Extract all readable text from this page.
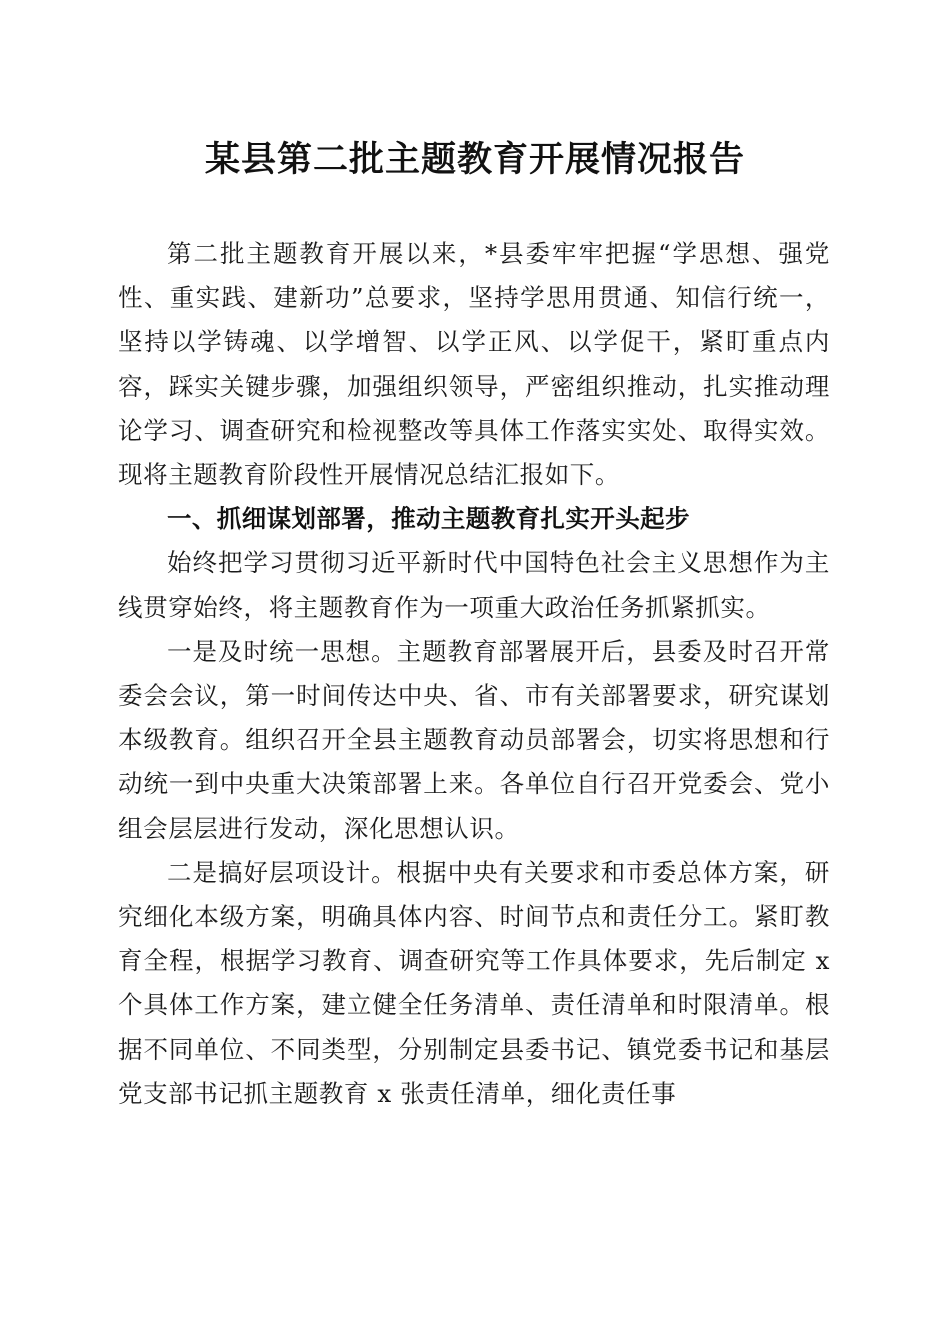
某县第二批主题教育开展情况报告

第二批主题教育开展以来，*县委牢牢把握“学思想、强党性、重实践、建新功”总要求，坚持学思用贯通、知信行统一，坚持以学铸魂、以学增智、以学正风、以学促干，紧盯重点内容，踩实关键步骤，加强组织领导，严密组织推动，扎实推动理论学习、调查研究和检视整改等具体工作落实实处、取得实效。现将主题教育阶段性开展情况总结汇报如下。

一、抓细谋划部署，推动主题教育扎实开头起步

始终把学习贯彻习近平新时代中国特色社会主义思想作为主线贯穿始终，将主题教育作为一项重大政治任务抓紧抓实。

一是及时统一思想。主题教育部署展开后，县委及时召开常委会会议，第一时间传达中央、省、市有关部署要求，研究谋划本级教育。组织召开全县主题教育动员部署会，切实将思想和行动统一到中央重大决策部署上来。各单位自行召开党委会、党小组会层层进行发动，深化思想认识。

二是搞好层项设计。根据中央有关要求和市委总体方案，研究细化本级方案，明确具体内容、时间节点和责任分工。紧盯教育全程，根据学习教育、调查研究等工作具体要求，先后制定 x 个具体工作方案，建立健全任务清单、责任清单和时限清单。根据不同单位、不同类型，分别制定县委书记、镇党委书记和基层党支部书记抓主题教育 x 张责任清单，细化责任事
